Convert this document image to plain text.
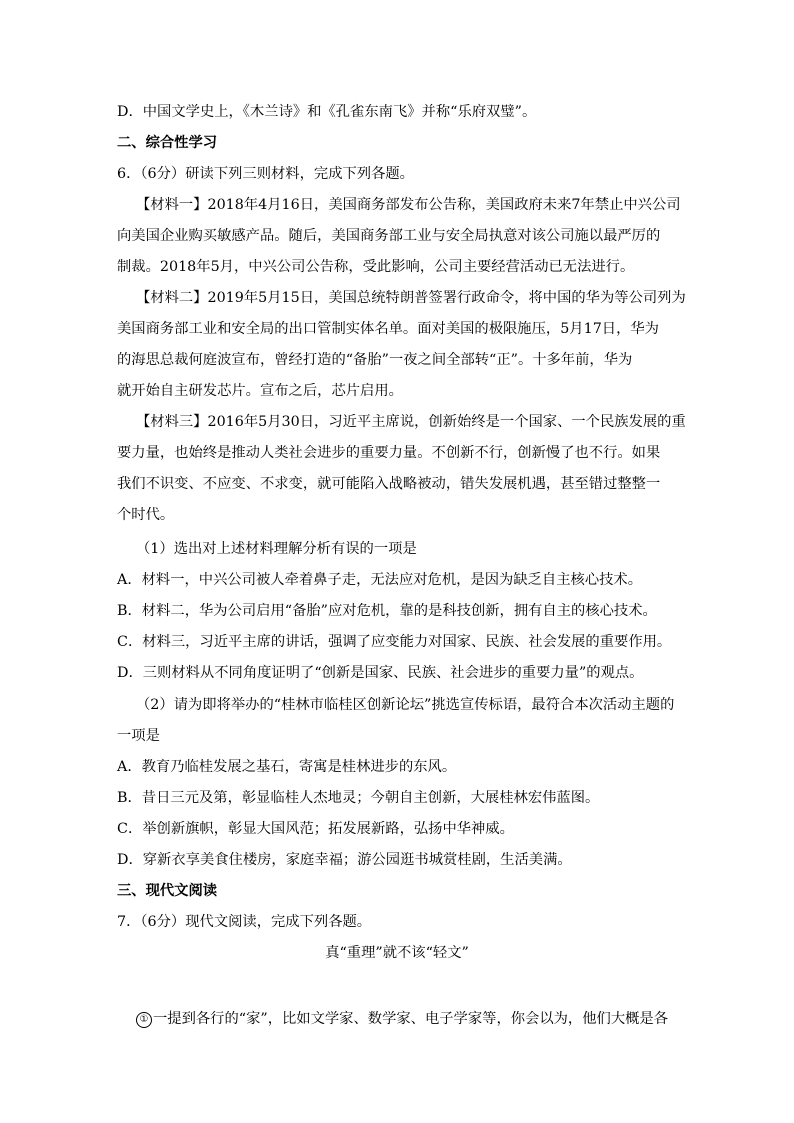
D．中国文学史上，《木兰诗》和《孔雀东南飞》并称“乐府双璧”。
二、综合性学习
6．（6分）研读下列三则材料，完成下列各题。
【材料一】2018年4月16日，美国商务部发布公告称，美国政府未来7年禁止中兴公司
向美国企业购买敏感产品。随后，美国商务部工业与安全局执意对该公司施以最严厉的
制裁。2018年5月，中兴公司公告称，受此影响，公司主要经营活动已无法进行。
【材料二】2019年5月15日，美国总统特朗普签署行政命令，将中国的华为等公司列为
美国商务部工业和安全局的出口管制实体名单。面对美国的极限施压，5月17日，华为
的海思总裁何庭波宣布，曾经打造的“备胎”一夜之间全部转“正”。十多年前，华为
就开始自主研发芯片。宣布之后，芯片启用。
【材料三】2016年5月30日，习近平主席说，创新始终是一个国家、一个民族发展的重
要力量，也始终是推动人类社会进步的重要力量。不创新不行，创新慢了也不行。如果
我们不识变、不应变、不求变，就可能陷入战略被动，错失发展机遇，甚至错过整整一
个时代。
（1）选出对上述材料理解分析有误的一项是
A．材料一，中兴公司被人牵着鼻子走，无法应对危机，是因为缺乏自主核心技术。
B．材料二，华为公司启用“备胎”应对危机，靠的是科技创新，拥有自主的核心技术。
C．材料三，习近平主席的讲话，强调了应变能力对国家、民族、社会发展的重要作用。
D．三则材料从不同角度证明了“创新是国家、民族、社会进步的重要力量”的观点。
（2）请为即将举办的“桂林市临桂区创新论坛”挑选宣传标语，最符合本次活动主题的
一项是
A．教育乃临桂发展之基石，寄寓是桂林进步的东风。
B．昔日三元及第，彰显临桂人杰地灵；今朝自主创新，大展桂林宏伟蓝图。
C．举创新旗帜，彰显大国风范；拓发展新路，弘扬中华神威。
D．穿新衣享美食住楼房，家庭幸福；游公园逛书城赏桂剧，生活美满。
三、现代文阅读
7．（6分）现代文阅读，完成下列各题。
真“重理”就不该“轻文”
① 一提到各行的“家”，比如文学家、数学家、电子学家等，你会以为，他们大概是各
